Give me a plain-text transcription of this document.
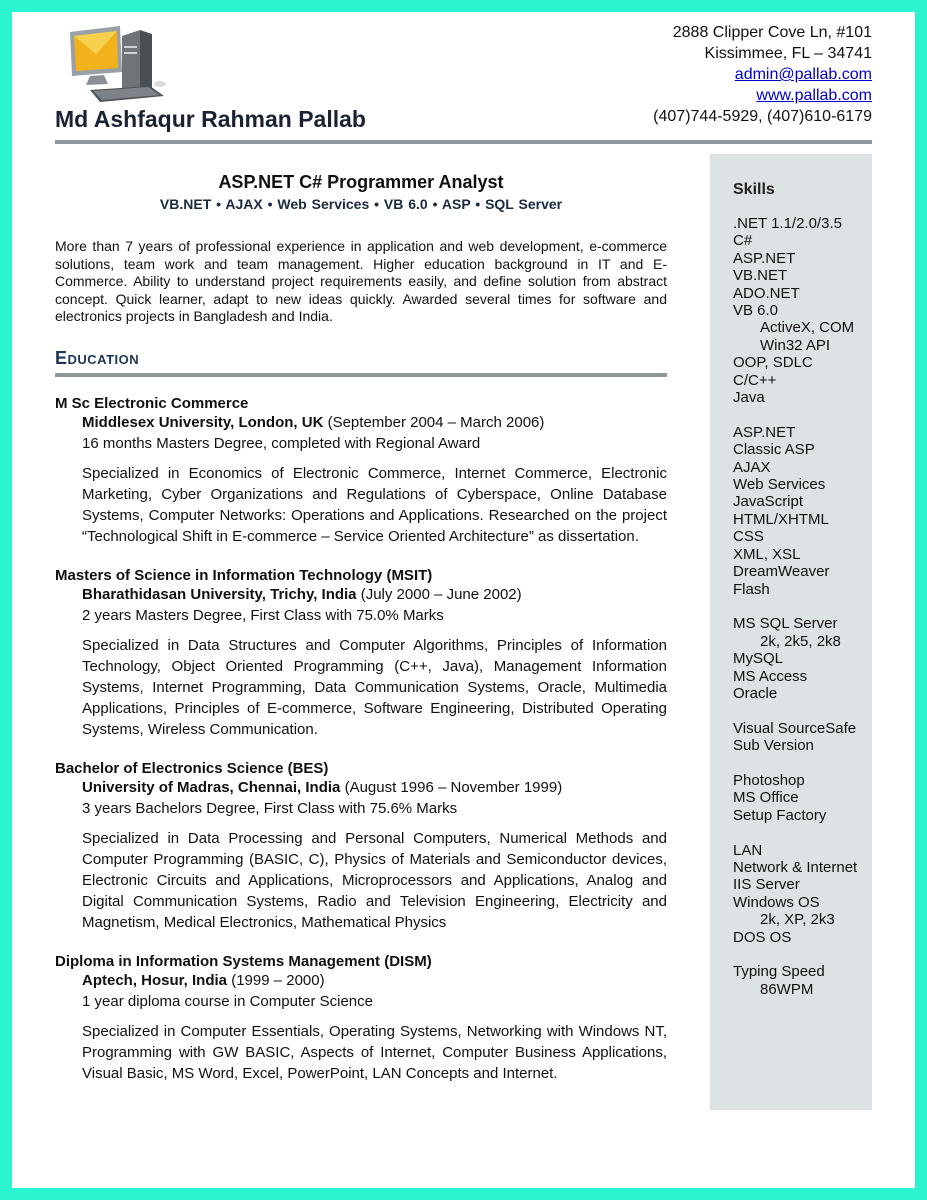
Md Ashfaqur Rahman Pallab
2888 Clipper Cove Ln, #101
Kissimmee, FL – 34741
admin@pallab.com
www.pallab.com
(407)744-5929, (407)610-6179
ASP.NET C# Programmer Analyst
VB.NET • AJAX • Web Services • VB 6.0 • ASP • SQL Server
More than 7 years of professional experience in application and web development, e-commerce solutions, team work and team management. Higher education background in IT and E-Commerce. Ability to understand project requirements easily, and define solution from abstract concept. Quick learner, adapt to new ideas quickly. Awarded several times for software and electronics projects in Bangladesh and India.
Education
M Sc Electronic Commerce
Middlesex University, London, UK (September 2004 – March 2006)
16 months Masters Degree, completed with Regional Award
Specialized in Economics of Electronic Commerce, Internet Commerce, Electronic Marketing, Cyber Organizations and Regulations of Cyberspace, Online Database Systems, Computer Networks: Operations and Applications. Researched on the project “Technological Shift in E-commerce – Service Oriented Architecture” as dissertation.
Masters of Science in Information Technology (MSIT)
Bharathidasan University, Trichy, India (July 2000 – June 2002)
2 years Masters Degree, First Class with 75.0% Marks
Specialized in Data Structures and Computer Algorithms, Principles of Information Technology, Object Oriented Programming (C++, Java), Management Information Systems, Internet Programming, Data Communication Systems, Oracle, Multimedia Applications, Principles of E-commerce, Software Engineering, Distributed Operating Systems, Wireless Communication.
Bachelor of Electronics Science (BES)
University of Madras, Chennai, India (August 1996 – November 1999)
3 years Bachelors Degree, First Class with 75.6% Marks
Specialized in Data Processing and Personal Computers, Numerical Methods and Computer Programming (BASIC, C), Physics of Materials and Semiconductor devices, Electronic Circuits and Applications, Microprocessors and Applications, Analog and Digital Communication Systems, Radio and Television Engineering, Electricity and Magnetism, Medical Electronics, Mathematical Physics
Diploma in Information Systems Management (DISM)
Aptech, Hosur, India (1999 – 2000)
1 year diploma course in Computer Science
Specialized in Computer Essentials, Operating Systems, Networking with Windows NT, Programming with GW BASIC, Aspects of Internet, Computer Business Applications, Visual Basic, MS Word, Excel, PowerPoint, LAN Concepts and Internet.
Skills
.NET 1.1/2.0/3.5
C#
ASP.NET
VB.NET
ADO.NET
VB 6.0
ActiveX, COM
Win32 API
OOP, SDLC
C/C++
Java
ASP.NET
Classic ASP
AJAX
Web Services
JavaScript
HTML/XHTML
CSS
XML, XSL
DreamWeaver
Flash
MS SQL Server
2k, 2k5, 2k8
MySQL
MS Access
Oracle
Visual SourceSafe
Sub Version
Photoshop
MS Office
Setup Factory
LAN
Network & Internet
IIS Server
Windows OS
2k, XP, 2k3
DOS OS
Typing Speed
86WPM
